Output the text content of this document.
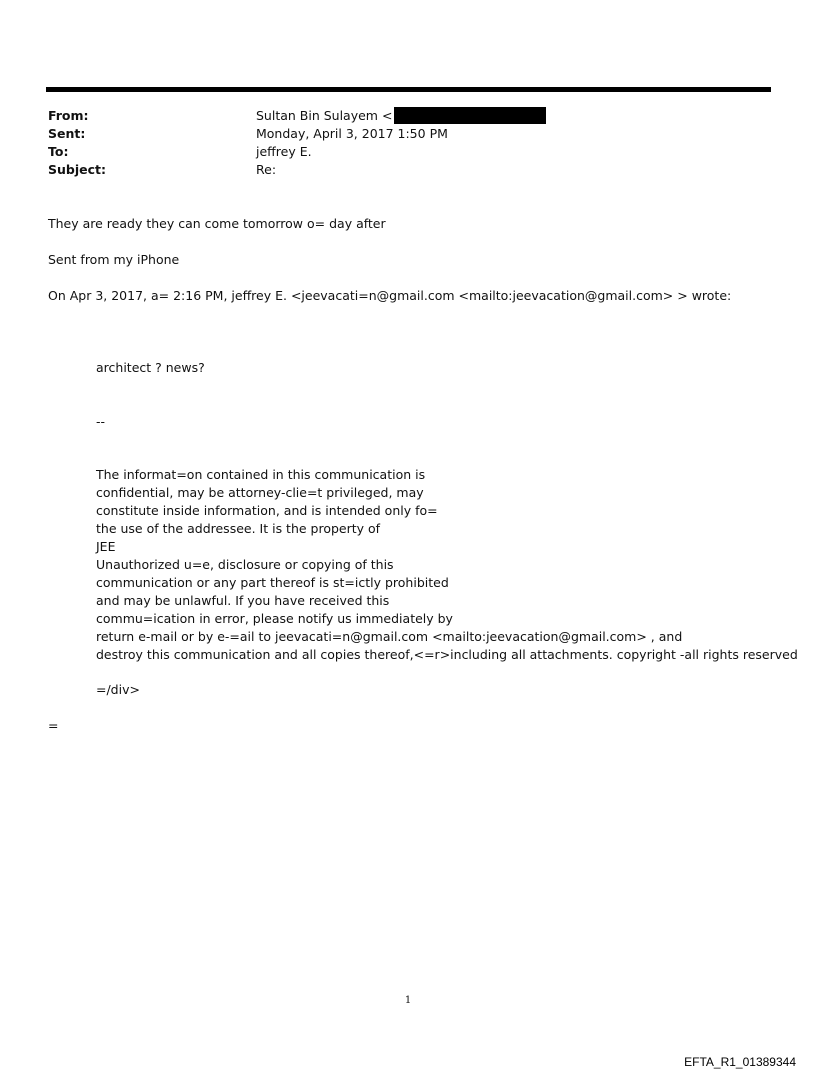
From:	Sultan Bin Sulayem <
Sent:	Monday, April 3, 2017 1:50 PM
To:	jeffrey E.
Subject:	Re:
They are ready they can come tomorrow o= day after
Sent from my iPhone
On Apr 3, 2017, a= 2:16 PM, jeffrey E. <jeevacati=n@gmail.com <mailto:jeevacation@gmail.com> > wrote:
architect ? news?
--
The informat=on contained in this communication is
confidential, may be attorney-clie=t privileged, may
constitute inside information, and is intended only fo=
the use of the addressee. It is the property of
JEE
Unauthorized u=e, disclosure or copying of this
communication or any part thereof is st=ictly prohibited
and may be unlawful. If you have received this
commu=ication in error, please notify us immediately by
return e-mail or by e-=ail to jeevacati=n@gmail.com <mailto:jeevacation@gmail.com> , and
destroy this communication and all copies thereof,<=r>including all attachments. copyright -all rights reserved
=/div>
=
1
EFTA_R1_01389344
